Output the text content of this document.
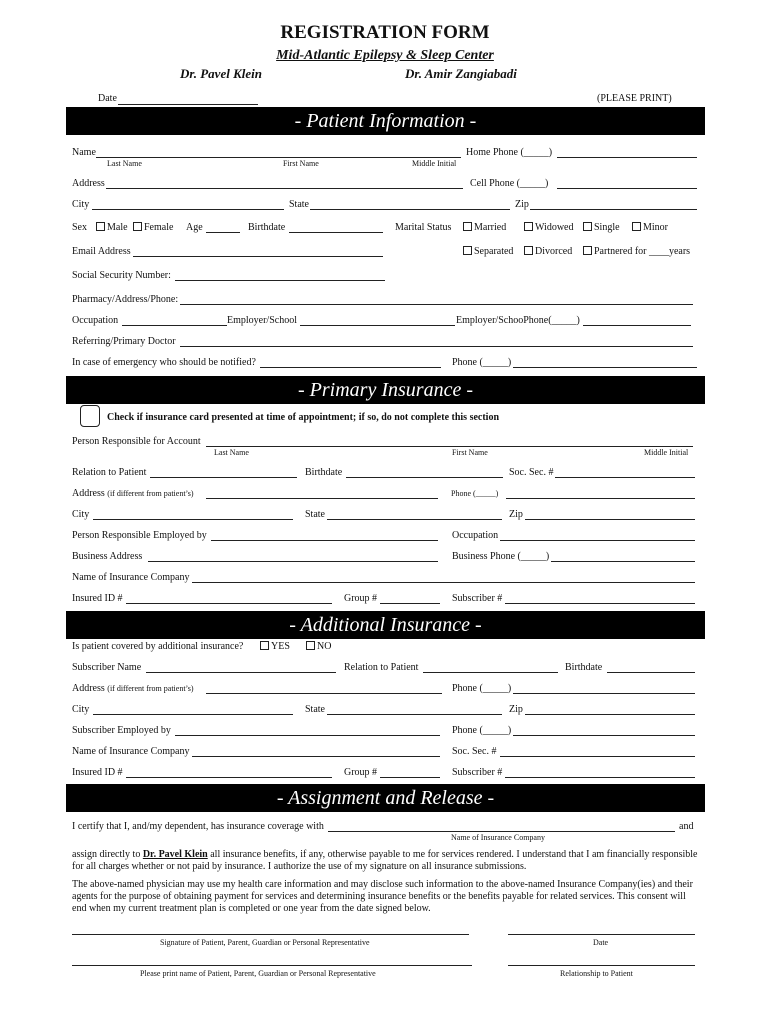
REGISTRATION FORM
Mid-Atlantic Epilepsy & Sleep Center
Dr. Pavel Klein	Dr. Amir Zangiabadi
Date	(PLEASE PRINT)
- Patient Information -
Name	Home Phone (_____)
Last Name	First Name	Middle Initial
Address	Cell Phone (_____)
City	State	Zip
Sex	Male	Female Age	Birthdate	Marital Status	Married	Widowed	Single	Minor
Email Address	Separated	Divorced	Partnered for ____years
Social Security Number:
Pharmacy/Address/Phone:
Occupation	Employer/School	Employer/SchooPhone(_____)
Referring/Primary Doctor
In case of emergency who should be notified?	Phone (_____)
- Primary Insurance -
Check if insurance card presented at time of appointment; if so, do not complete this section
Person Responsible for Account
Last Name	First Name	Middle Initial
Relation to Patient	Birthdate	Soc. Sec. #
Address (if different from patient’s)	Phone (_____)
City	State	Zip
Person Responsible Employed by	Occupation
Business Address	Business Phone (_____)
Name of Insurance Company
Insured ID #	Group #	Subscriber #
- Additional Insurance -
Is patient covered by additional insurance?	YES	NO
Subscriber Name	Relation to Patient	Birthdate
Address (if different from patient’s)	Phone (_____)
City	State	Zip
Subscriber Employed by	Phone (_____)
Name of Insurance Company	Soc. Sec. #
Insured ID #	Group #	Subscriber #
- Assignment and Release -
I certify that I, and/my dependent, has insurance coverage with	and
Name of Insurance Company
assign directly to Dr. Pavel Klein all insurance benefits, if any, otherwise payable to me for services rendered. I understand that I am financially responsible for all charges whether or not paid by insurance. I authorize the use of my signature on all insurance submissions.
The above-named physician may use my health care information and may disclose such information to the above-named Insurance Company(ies) and their agents for the purpose of obtaining payment for services and determining insurance benefits or the benefits payable for related services. This consent will end when my current treatment plan is completed or one year from the date signed below.
Signature of Patient, Parent, Guardian or Personal Representative	Date
Please print name of Patient, Parent, Guardian or Personal Representative	Relationship to Patient
